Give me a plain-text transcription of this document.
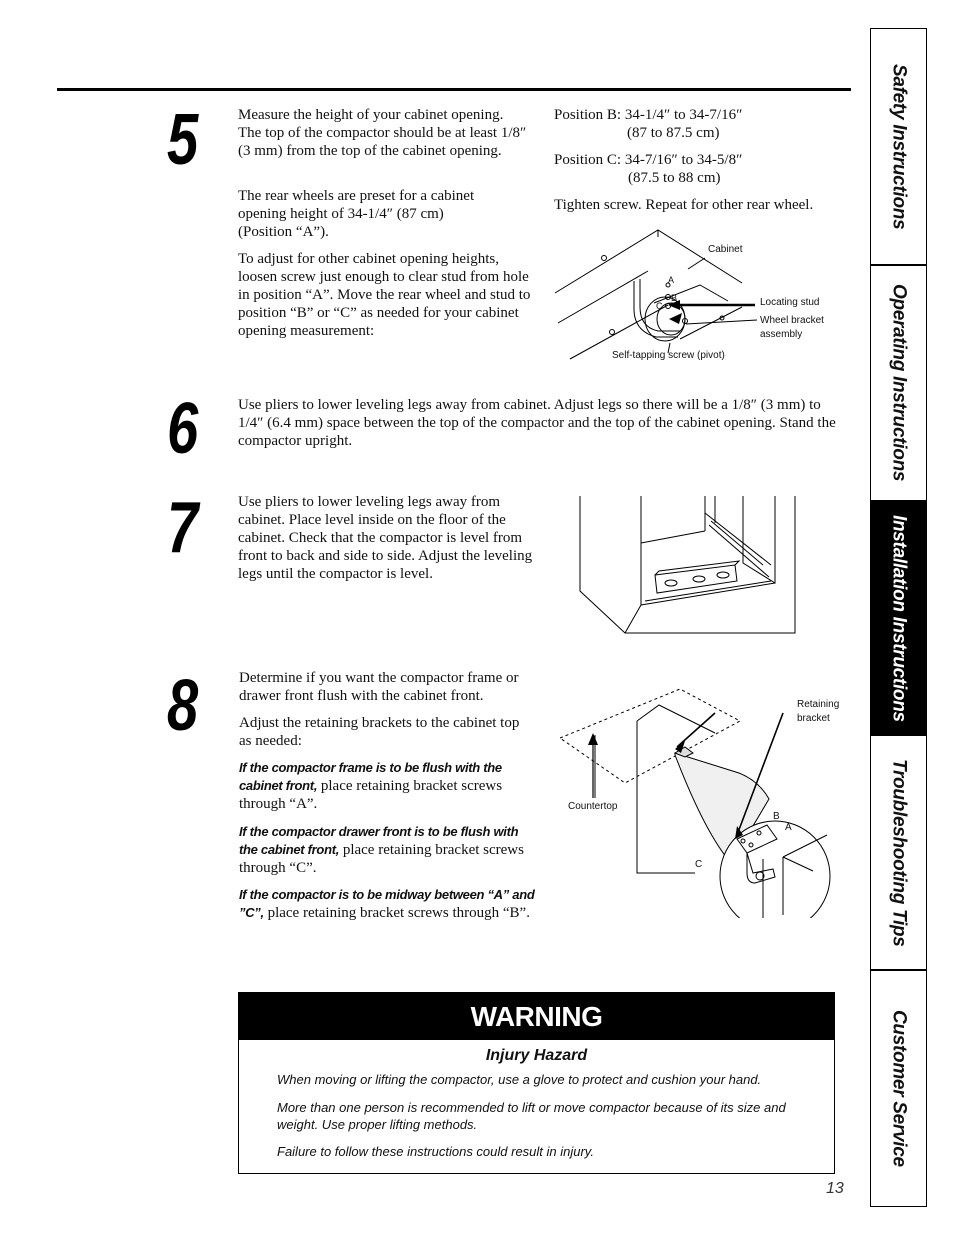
5	Measure the height of your cabinet opening. The top of the compactor should be at least 1/8″ (3 mm) from the top of the cabinet opening.

The rear wheels are preset for a cabinet opening height of 34-1/4″ (87 cm) (Position “A”).

To adjust for other cabinet opening heights, loosen screw just enough to clear stud from hole in position “A”. Move the rear wheel and stud to position “B” or “C” as needed for your cabinet opening measurement:

Position B: 34-1/4″ to 34-7/16″

(87 to 87.5 cm)

Position C: 34-7/16″ to 34-5/8″

(87.5 to 88 cm)

Tighten screw. Repeat for other rear wheel.

Cabinet
Locating stud
Wheel bracket
assembly
Self-tapping screw (pivot)
A
B
C
6	Use pliers to lower leveling legs away from cabinet. Adjust legs so there will be a 1/8″ (3 mm) to 1/4″ (6.4 mm) space between the top of the compactor and the top of the cabinet opening. Stand the compactor upright.

7	Use pliers to lower leveling legs away from cabinet. Place level inside on the floor of the cabinet. Check that the compactor is level from front to back and side to side. Adjust the leveling legs until the compactor is level.

8	Determine if you want the compactor frame or drawer front flush with the cabinet front.

Adjust the retaining brackets to the cabinet top as needed:

If the compactor frame is to be flush with the cabinet front, place retaining bracket screws through “A”.

If the compactor drawer front is to be flush with the cabinet front, place retaining bracket screws through “C”.

If the compactor is to be midway between “A” and ”C”, place retaining bracket screws through “B”.

Retaining
bracket
Countertop
B
A
C
WARNING
Injury Hazard

When moving or lifting the compactor, use a glove to protect and cushion your hand.

More than one person is recommended to lift or move compactor because of its size and weight. Use proper lifting methods.

Failure to follow these instructions could result in injury.

13
Safety Instructions
Operating Instructions
Installation Instructions
Troubleshooting Tips
Customer Service
